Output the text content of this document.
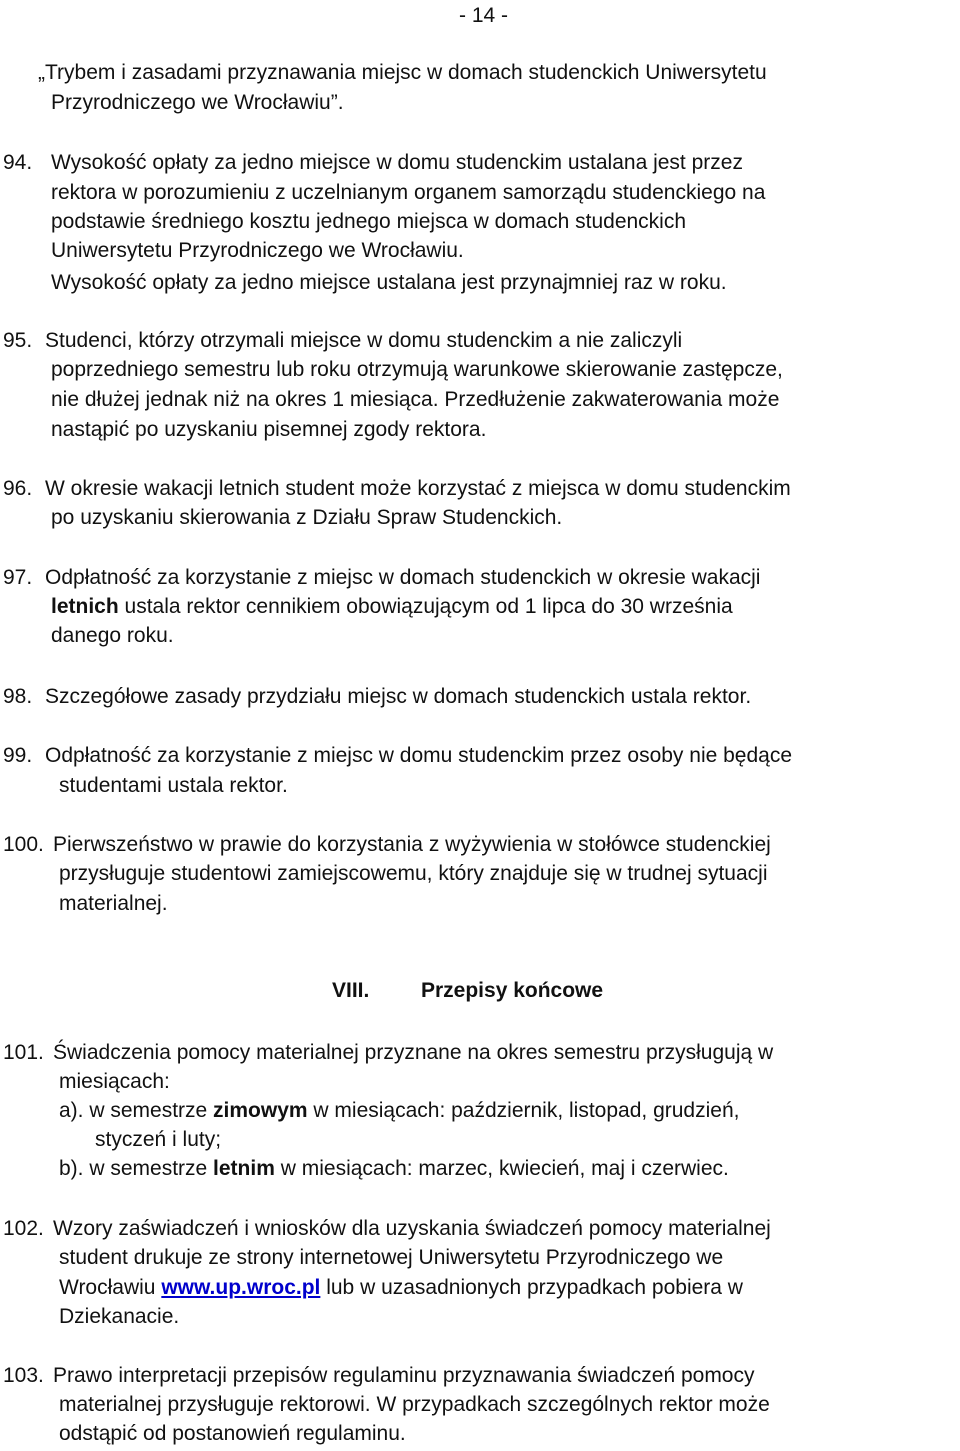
- 14 -
„Trybem i zasadami przyznawania miejsc w domach studenckich Uniwersytetu
Przyrodniczego we Wrocławiu”.
94. Wysokość opłaty za jedno miejsce w domu studenckim ustalana jest przez
rektora w porozumieniu z uczelnianym organem samorządu studenckiego na
podstawie średniego kosztu jednego miejsca w domach studenckich
Uniwersytetu Przyrodniczego we Wrocławiu.
Wysokość opłaty za jedno miejsce ustalana jest przynajmniej raz w roku.
95. Studenci, którzy otrzymali miejsce w domu studenckim a nie zaliczyli
poprzedniego semestru lub roku otrzymują warunkowe skierowanie zastępcze,
nie dłużej jednak niż na okres 1 miesiąca. Przedłużenie zakwaterowania może
nastąpić po uzyskaniu pisemnej zgody rektora.
96. W okresie wakacji letnich student może korzystać z miejsca w domu studenckim
po uzyskaniu skierowania z Działu Spraw Studenckich.
97. Odpłatność za korzystanie z miejsc w domach studenckich w okresie wakacji
letnich ustala rektor cennikiem obowiązującym od 1 lipca do 30 września
danego roku.
98. Szczegółowe zasady przydziału miejsc w domach studenckich ustala rektor.
99. Odpłatność za korzystanie z miejsc w domu studenckim przez osoby nie będące
studentami ustala rektor.
100. Pierwszeństwo w prawie do korzystania z wyżywienia w stołówce studenckiej
przysługuje studentowi zamiejscowemu, który znajduje się w trudnej sytuacji
materialnej.
VIII. Przepisy końcowe
101. Świadczenia pomocy materialnej przyznane na okres semestru przysługują w
miesiącach:
a). w semestrze zimowym w miesiącach: październik, listopad, grudzień,
styczeń i luty;
b). w semestrze letnim w miesiącach: marzec, kwiecień, maj i czerwiec.
102. Wzory zaświadczeń i wniosków dla uzyskania świadczeń pomocy materialnej
student drukuje ze strony internetowej Uniwersytetu Przyrodniczego we
Wrocławiu www.up.wroc.pl lub w uzasadnionych przypadkach pobiera w
Dziekanacie.
103. Prawo interpretacji przepisów regulaminu przyznawania świadczeń pomocy
materialnej przysługuje rektorowi. W przypadkach szczególnych rektor może
odstąpić od postanowień regulaminu.
